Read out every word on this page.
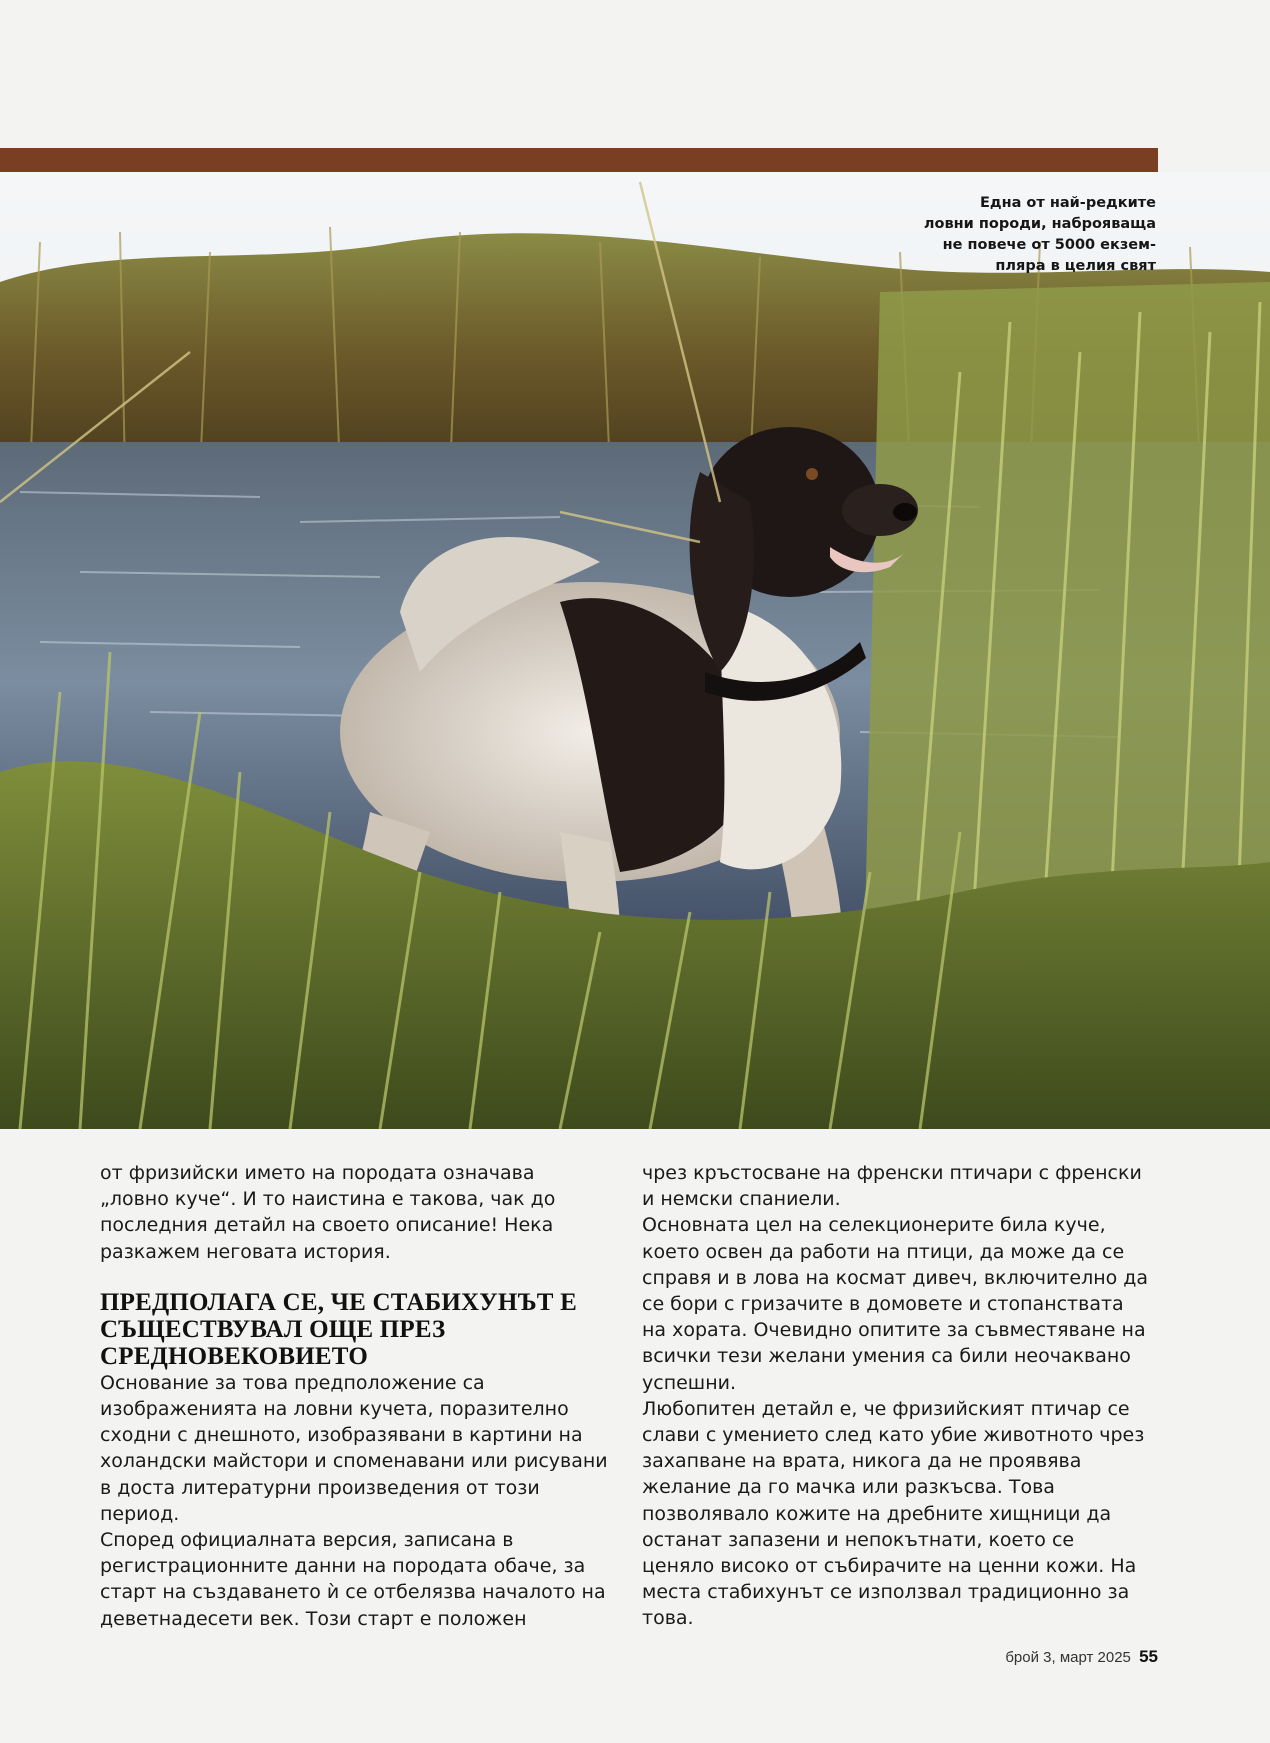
Една от най-редките
ловни породи, наброяваща
не повече от 5000 екзем-
пляра в целия свят

от фризийски името на породата означава „ловно куче“. И то наистина е такова, чак до последния детайл на своето описание! Нека разкажем неговата история.

ПРЕДПОЛАГА СЕ, ЧЕ СТАБИХУНЪТ Е СЪЩЕСТВУВАЛ ОЩЕ ПРЕЗ СРЕДНОВЕКОВИЕТО

Основание за това предположение са изображенията на ловни кучета, поразително сходни с днешното, изобразявани в картини на холандски майстори и споменавани или рисувани в доста литературни произведения от този период.

Според официалната версия, записана в регистрационните данни на породата обаче, за старт на създаването ѝ се отбелязва началото на деветнадесети век. Този старт е положен

чрез кръстосване на френски птичари с френски и немски спаниели.

Основната цел на селекционерите била куче, което освен да работи на птици, да може да се справя и в лова на космат дивеч, включително да се бори с гризачите в домовете и стопанствата на хората. Очевидно опитите за съвместяване на всички тези желани умения са били неочаквано успешни.

Любопитен детайл е, че фризийският птичар се слави с умението след като убие животното чрез захапване на врата, никога да не проявява желание да го мачка или разкъсва. Това позволявало кожите на дребните хищници да останат запазени и непокътнати, което се ценяло високо от събирачите на ценни кожи. На места стабихунът се използвал традиционно за това.

брой 3, март 2025 55
